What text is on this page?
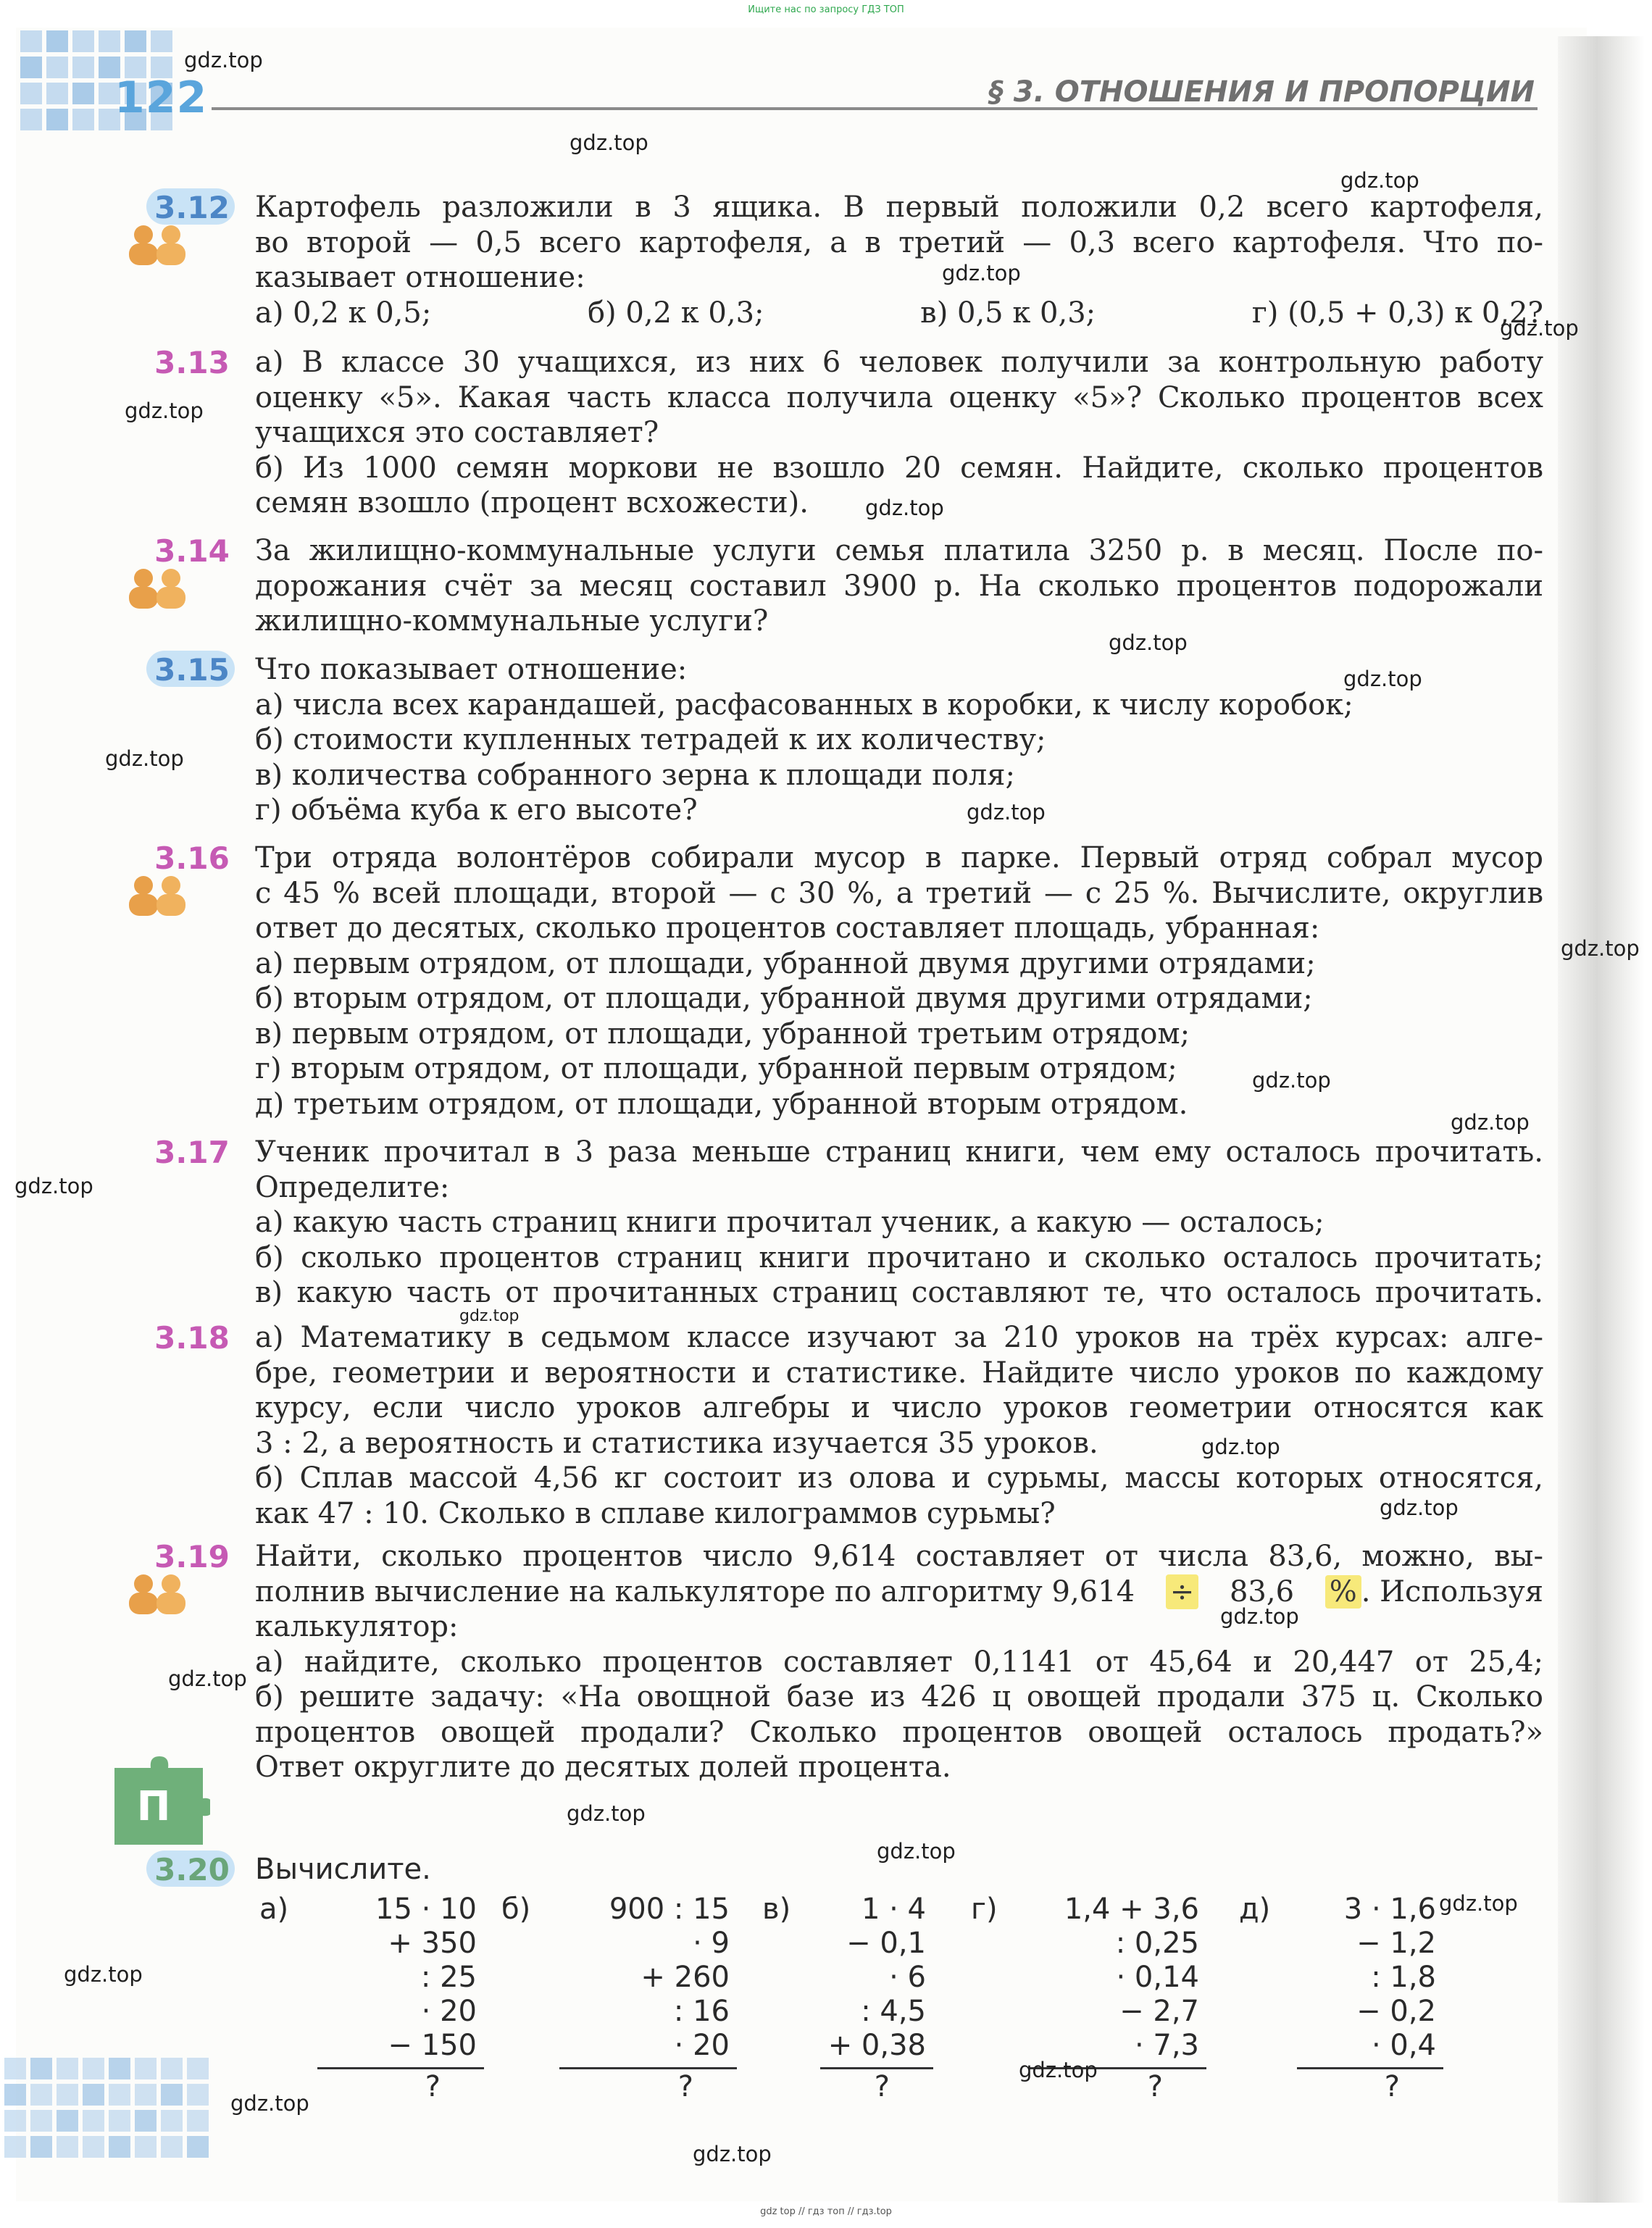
Ищите нас по запросу ГДЗ ТОП
gdz top // гдз топ // гдз.top
122	§ 3. ОТНОШЕНИЯ И ПРОПОРЦИИ
3.12 Картофель разложили в 3 ящика. В первый положили 0,2 всего картофеля,
во второй — 0,5 всего картофеля, а в третий — 0,3 всего картофеля. Что по-
казывает отношение:
а) 0,2 к 0,5;	б) 0,2 к 0,3;	в) 0,5 к 0,3;	г) (0,5 + 0,3) к 0,2?
3.13 а) В классе 30 учащихся, из них 6 человек получили за контрольную работу
оценку «5». Какая часть класса получила оценку «5»? Сколько процентов всех
учащихся это составляет?
б) Из 1000 семян моркови не взошло 20 семян. Найдите, сколько процентов
семян взошло (процент всхожести).
3.14 За жилищно-коммунальные услуги семья платила 3250 р. в месяц. После по-
дорожания счёт за месяц составил 3900 р. На сколько процентов подорожали
жилищно-коммунальные услуги?
3.15 Что показывает отношение:
а) числа всех карандашей, расфасованных в коробки, к числу коробок;
б) стоимости купленных тетрадей к их количеству;
в) количества собранного зерна к площади поля;
г) объёма куба к его высоте?
3.16 Три отряда волонтёров собирали мусор в парке. Первый отряд собрал мусор
с 45 % всей площади, второй — с 30 %, а третий — с 25 %. Вычислите, округлив
ответ до десятых, сколько процентов составляет площадь, убранная:
а) первым отрядом, от площади, убранной двумя другими отрядами;
б) вторым отрядом, от площади, убранной двумя другими отрядами;
в) первым отрядом, от площади, убранной третьим отрядом;
г) вторым отрядом, от площади, убранной первым отрядом;
д) третьим отрядом, от площади, убранной вторым отрядом.
3.17 Ученик прочитал в 3 раза меньше страниц книги, чем ему осталось прочитать.
Определите:
а) какую часть страниц книги прочитал ученик, а какую — осталось;
б) сколько процентов страниц книги прочитано и сколько осталось прочитать;
в) какую часть от прочитанных страниц составляют те, что осталось прочитать.
3.18 а) Математику в седьмом классе изучают за 210 уроков на трёх курсах: алге-
бре, геометрии и вероятности и статистике. Найдите число уроков по каждому
курсу, если число уроков алгебры и число уроков геометрии относятся как
3 : 2, а вероятность и статистика изучается 35 уроков.
б) Сплав массой 4,56 кг состоит из олова и сурьмы, массы которых относятся,
как 47 : 10. Сколько в сплаве килограммов сурьмы?
3.19 Найти, сколько процентов число 9,614 составляет от числа 83,6, можно, вы-
полнив вычисление на калькуляторе по алгоритму 9,614 ÷ 83,6 % . Используя
калькулятор:
а) найдите, сколько процентов составляет 0,1141 от 45,64 и 20,447 от 25,4;
б) решите задачу: «На овощной базе из 426 ц овощей продали 375 ц. Сколько
процентов овощей продали? Сколько процентов овощей осталось продать?»
Ответ округлите до десятых долей процента.
П
3.20 Вычислите.
а)	15 · 10
+ 350
: 25
· 20
− 150
?
б)	900 : 15
· 9
+ 260
: 16
· 20
?
в)	1 · 4
− 0,1
· 6
: 4,5
+ 0,38
?
г)	1,4 + 3,6
: 0,25
· 0,14
− 2,7
· 7,3
?
д)	3 · 1,6
− 1,2
: 1,8
− 0,2
· 0,4
?
gdz.top
gdz.top
gdz.top
gdz.top
gdz.top
gdz.top
gdz.top
gdz.top
gdz.top
gdz.top
gdz.top
gdz.top
gdz.top
gdz.top
gdz.top
gdz.top
gdz.top
gdz.top
gdz.top
gdz.top
gdz.top
gdz.top
gdz.top
gdz.top
gdz.top
gdz.top
gdz.top
